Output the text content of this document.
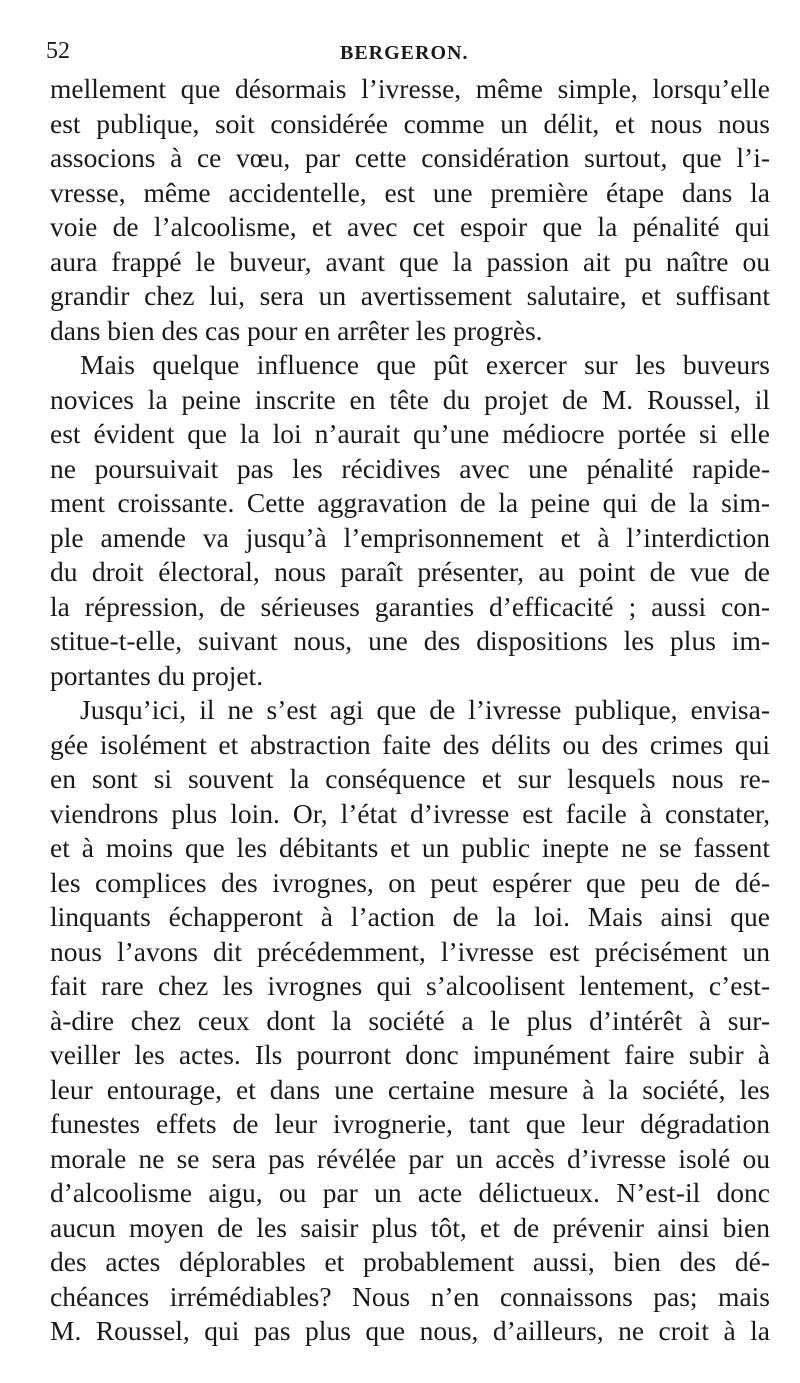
52	BERGERON.
mellement que désormais l’ivresse, même simple, lorsqu’elle
est publique, soit considérée comme un délit, et nous nous
associons à ce vœu, par cette considération surtout, que l’i-
vresse, même accidentelle, est une première étape dans la
voie de l’alcoolisme, et avec cet espoir que la pénalité qui
aura frappé le buveur, avant que la passion ait pu naître ou
grandir chez lui, sera un avertissement salutaire, et suffisant
dans bien des cas pour en arrêter les progrès.
Mais quelque influence que pût exercer sur les buveurs
novices la peine inscrite en tête du projet de M. Roussel, il
est évident que la loi n’aurait qu’une médiocre portée si elle
ne poursuivait pas les récidives avec une pénalité rapide-
ment croissante. Cette aggravation de la peine qui de la sim-
ple amende va jusqu’à l’emprisonnement et à l’interdiction
du droit électoral, nous paraît présenter, au point de vue de
la répression, de sérieuses garanties d’efficacité ; aussi con-
stitue-t-elle, suivant nous, une des dispositions les plus im-
portantes du projet.
Jusqu’ici, il ne s’est agi que de l’ivresse publique, envisa-
gée isolément et abstraction faite des délits ou des crimes qui
en sont si souvent la conséquence et sur lesquels nous re-
viendrons plus loin. Or, l’état d’ivresse est facile à constater,
et à moins que les débitants et un public inepte ne se fassent
les complices des ivrognes, on peut espérer que peu de dé-
linquants échapperont à l’action de la loi. Mais ainsi que
nous l’avons dit précédemment, l’ivresse est précisément un
fait rare chez les ivrognes qui s’alcoolisent lentement, c’est-
à-dire chez ceux dont la société a le plus d’intérêt à sur-
veiller les actes. Ils pourront donc impunément faire subir à
leur entourage, et dans une certaine mesure à la société, les
funestes effets de leur ivrognerie, tant que leur dégradation
morale ne se sera pas révélée par un accès d’ivresse isolé ou
d’alcoolisme aigu, ou par un acte délictueux. N’est-il donc
aucun moyen de les saisir plus tôt, et de prévenir ainsi bien
des actes déplorables et probablement aussi, bien des dé-
chéances irrémédiables? Nous n’en connaissons pas; mais
M. Roussel, qui pas plus que nous, d’ailleurs, ne croit à la
